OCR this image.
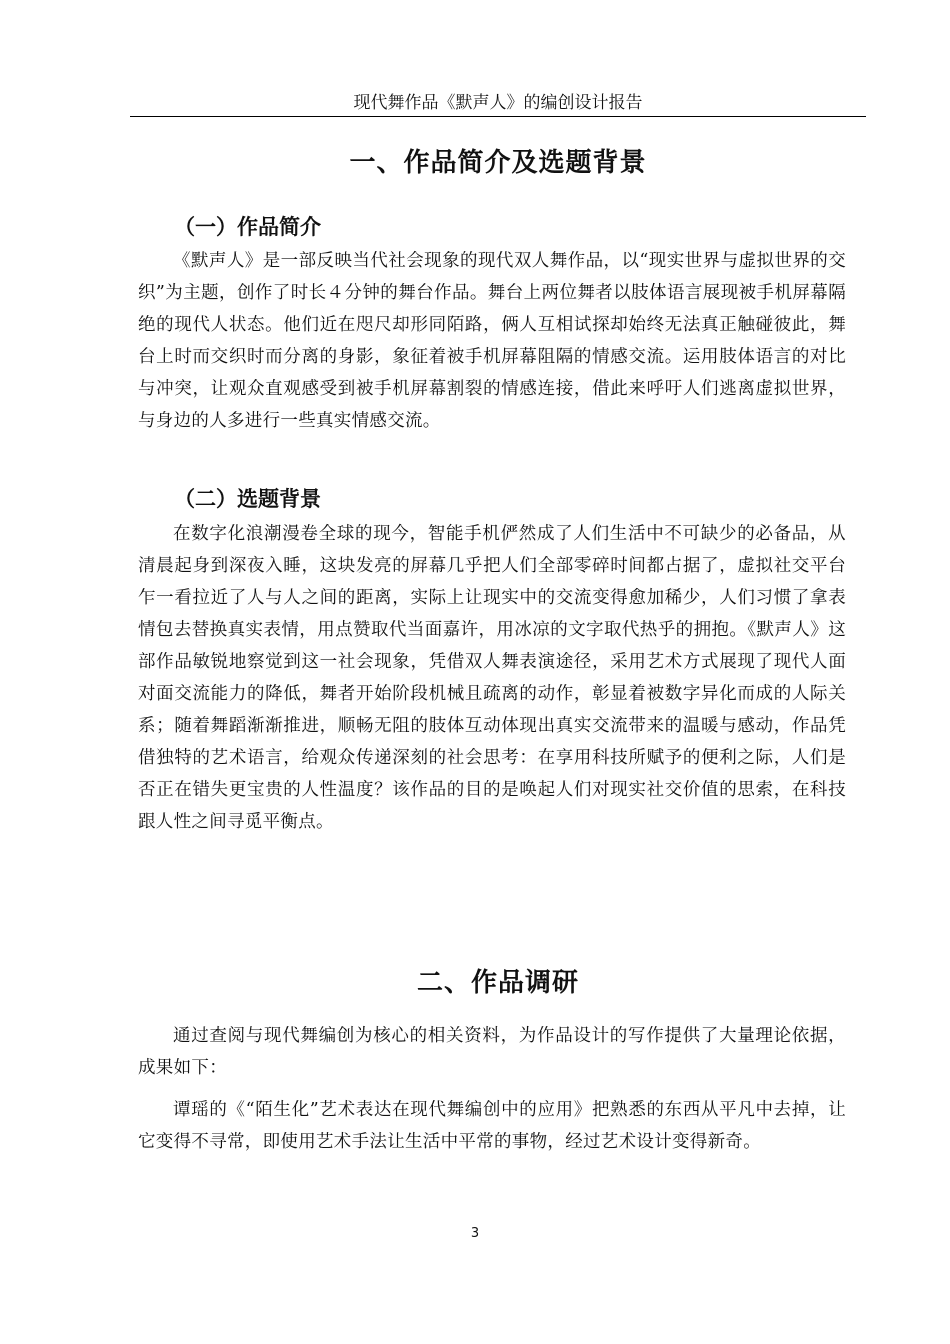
现代舞作品《默声人》的编创设计报告
一、作品简介及选题背景
（一）作品简介

《默声人》是一部反映当代社会现象的现代双人舞作品，以“现实世界与虚拟世界的交织”为主题，创作了时长４分钟的舞台作品。舞台上两位舞者以肢体语言展现被手机屏幕隔绝的现代人状态。他们近在咫尺却形同陌路，俩人互相试探却始终无法真正触碰彼此，舞台上时而交织时而分离的身影，象征着被手机屏幕阻隔的情感交流。运用肢体语言的对比与冲突，让观众直观感受到被手机屏幕割裂的情感连接，借此来呼吁人们逃离虚拟世界，与身边的人多进行一些真实情感交流。

（二）选题背景

在数字化浪潮漫卷全球的现今，智能手机俨然成了人们生活中不可缺少的必备品，从清晨起身到深夜入睡，这块发亮的屏幕几乎把人们全部零碎时间都占据了，虚拟社交平台乍一看拉近了人与人之间的距离，实际上让现实中的交流变得愈加稀少，人们习惯了拿表情包去替换真实表情，用点赞取代当面嘉许，用冰凉的文字取代热乎的拥抱。《默声人》这部作品敏锐地察觉到这一社会现象，凭借双人舞表演途径，采用艺术方式展现了现代人面对面交流能力的降低，舞者开始阶段机械且疏离的动作，彰显着被数字异化而成的人际关系；随着舞蹈渐渐推进，顺畅无阻的肢体互动体现出真实交流带来的温暖与感动，作品凭借独特的艺术语言，给观众传递深刻的社会思考：在享用科技所赋予的便利之际，人们是否正在错失更宝贵的人性温度？该作品的目的是唤起人们对现实社交价值的思索，在科技跟人性之间寻觅平衡点。

二、作品调研

通过查阅与现代舞编创为核心的相关资料，为作品设计的写作提供了大量理论依据，成果如下：

谭瑶的《“陌生化”艺术表达在现代舞编创中的应用》把熟悉的东西从平凡中去掉，让它变得不寻常，即使用艺术手法让生活中平常的事物，经过艺术设计变得新奇。

3
